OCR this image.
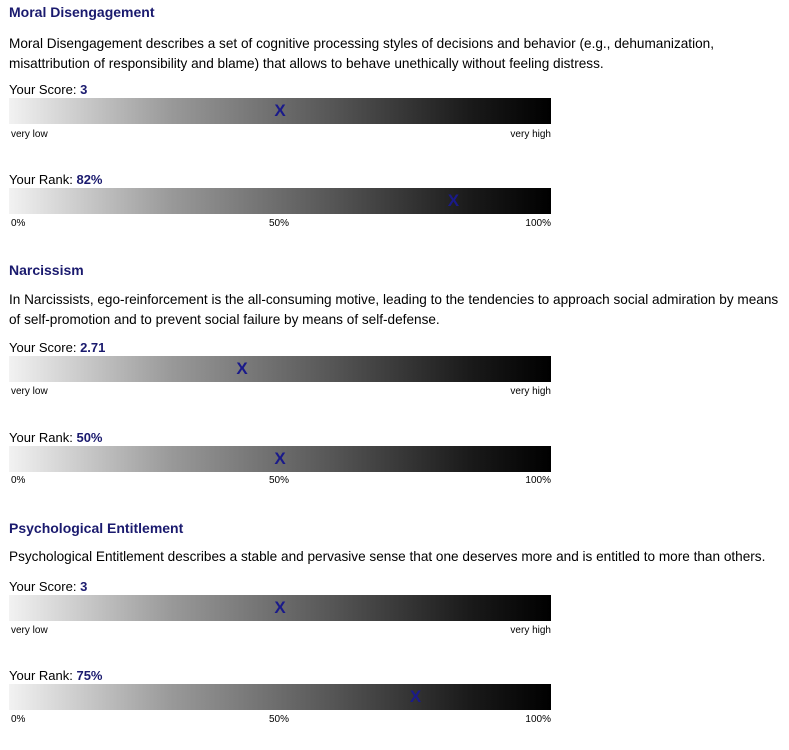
Moral Disengagement

Moral Disengagement describes a set of cognitive processing styles of decisions and behavior (e.g., dehumanization, misattribution of responsibility and blame) that allows to behave unethically without feeling distress.

Your Score: 3
X
very low	very high
Your Rank: 82%
X
0%	50%	100%
Narcissism

In Narcissists, ego-reinforcement is the all-consuming motive, leading to the tendencies to approach social admiration by means of self-promotion and to prevent social failure by means of self-defense.

Your Score: 2.71
X
very low	very high
Your Rank: 50%
X
0%	50%	100%
Psychological Entitlement

Psychological Entitlement describes a stable and pervasive sense that one deserves more and is entitled to more than others.

Your Score: 3
X
very low	very high
Your Rank: 75%
X
0%	50%	100%
